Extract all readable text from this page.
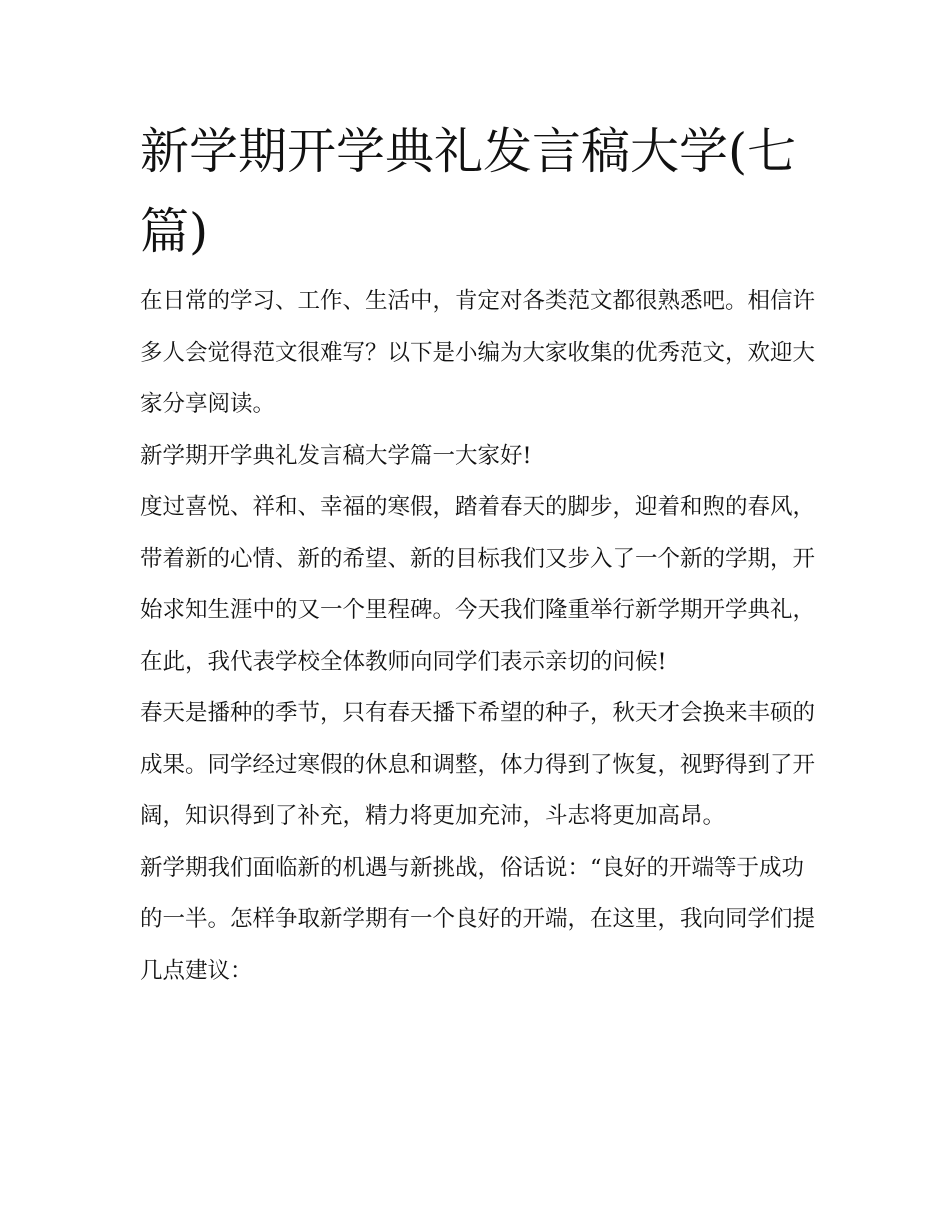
新学期开学典礼发言稿大学(七篇)

在日常的学习、工作、生活中，肯定对各类范文都很熟悉吧。相信许多人会觉得范文很难写？以下是小编为大家收集的优秀范文，欢迎大家分享阅读。

新学期开学典礼发言稿大学篇一大家好!

度过喜悦、祥和、幸福的寒假，踏着春天的脚步，迎着和煦的春风，带着新的心情、新的希望、新的目标我们又步入了一个新的学期，开始求知生涯中的又一个里程碑。今天我们隆重举行新学期开学典礼，在此，我代表学校全体教师向同学们表示亲切的问候!

春天是播种的季节，只有春天播下希望的种子，秋天才会换来丰硕的成果。同学经过寒假的休息和调整，体力得到了恢复，视野得到了开阔，知识得到了补充，精力将更加充沛，斗志将更加高昂。

新学期我们面临新的机遇与新挑战，俗话说：“良好的开端等于成功的一半。怎样争取新学期有一个良好的开端，在这里，我向同学们提几点建议：
